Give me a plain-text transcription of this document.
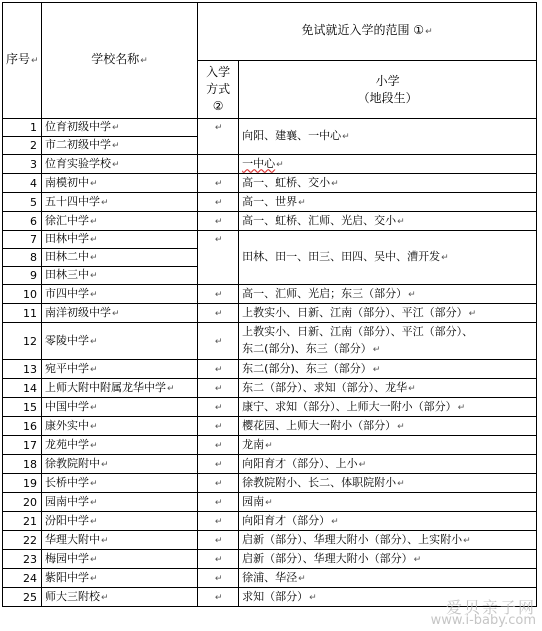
序号↵	学校名称↵	免试就近入学的范围 ①↵	

		入学
方式
②	小学
（地段生）

1	位育初级中学↵	↵	向阳、建襄、一中心↵
2	市二初级中学↵		
3	位育实验学校↵		一中心↵
4	南模初中↵	↵	高一、虹桥、交小↵
5	五十四中学↵	↵	高一、世界↵
6	徐汇中学↵	↵	高一、虹桥、汇师、光启、交小↵
7	田林中学↵	↵	田林、田一、田三、田四、吴中、漕开发↵
8	田林二中↵		
9	田林三中↵		
10	市四中学↵	↵	高一、汇师、光启；东三（部分）↵
11	南洋初级中学↵	↵	上教实小、日新、江南（部分）、平江（部分）↵
12	零陵中学↵	↵	上教实小、日新、江南（部分）、平江（部分）、
东二(部分)、东三（部分）↵

13	宛平中学↵	↵	东二(部分)、东三（部分）↵
14	上师大附中附属龙华中学↵	↵	东二（部分）、求知（部分）、龙华↵
15	中国中学↵	↵	康宁、求知（部分）、上师大一附小（部分）↵
16	康外实中↵	↵	樱花园、上师大一附小（部分）↵
17	龙苑中学↵	↵	龙南↵
18	徐教院附中↵	↵	向阳育才（部分）、上小↵
19	长桥中学↵	↵	徐教院附小、长二、体职院附小↵
20	园南中学↵	↵	园南↵
21	汾阳中学↵	↵	向阳育才（部分）↵
22	华理大附中↵	↵	启新（部分）、华理大附小（部分）、上实附小↵
23	梅园中学↵	↵	启新（部分）、华理大附小（部分）↵
24	紫阳中学↵	↵	徐浦、华泾↵
25	师大三附校↵	↵	求知（部分）↵
爱贝亲子网
www.i-baby.com
